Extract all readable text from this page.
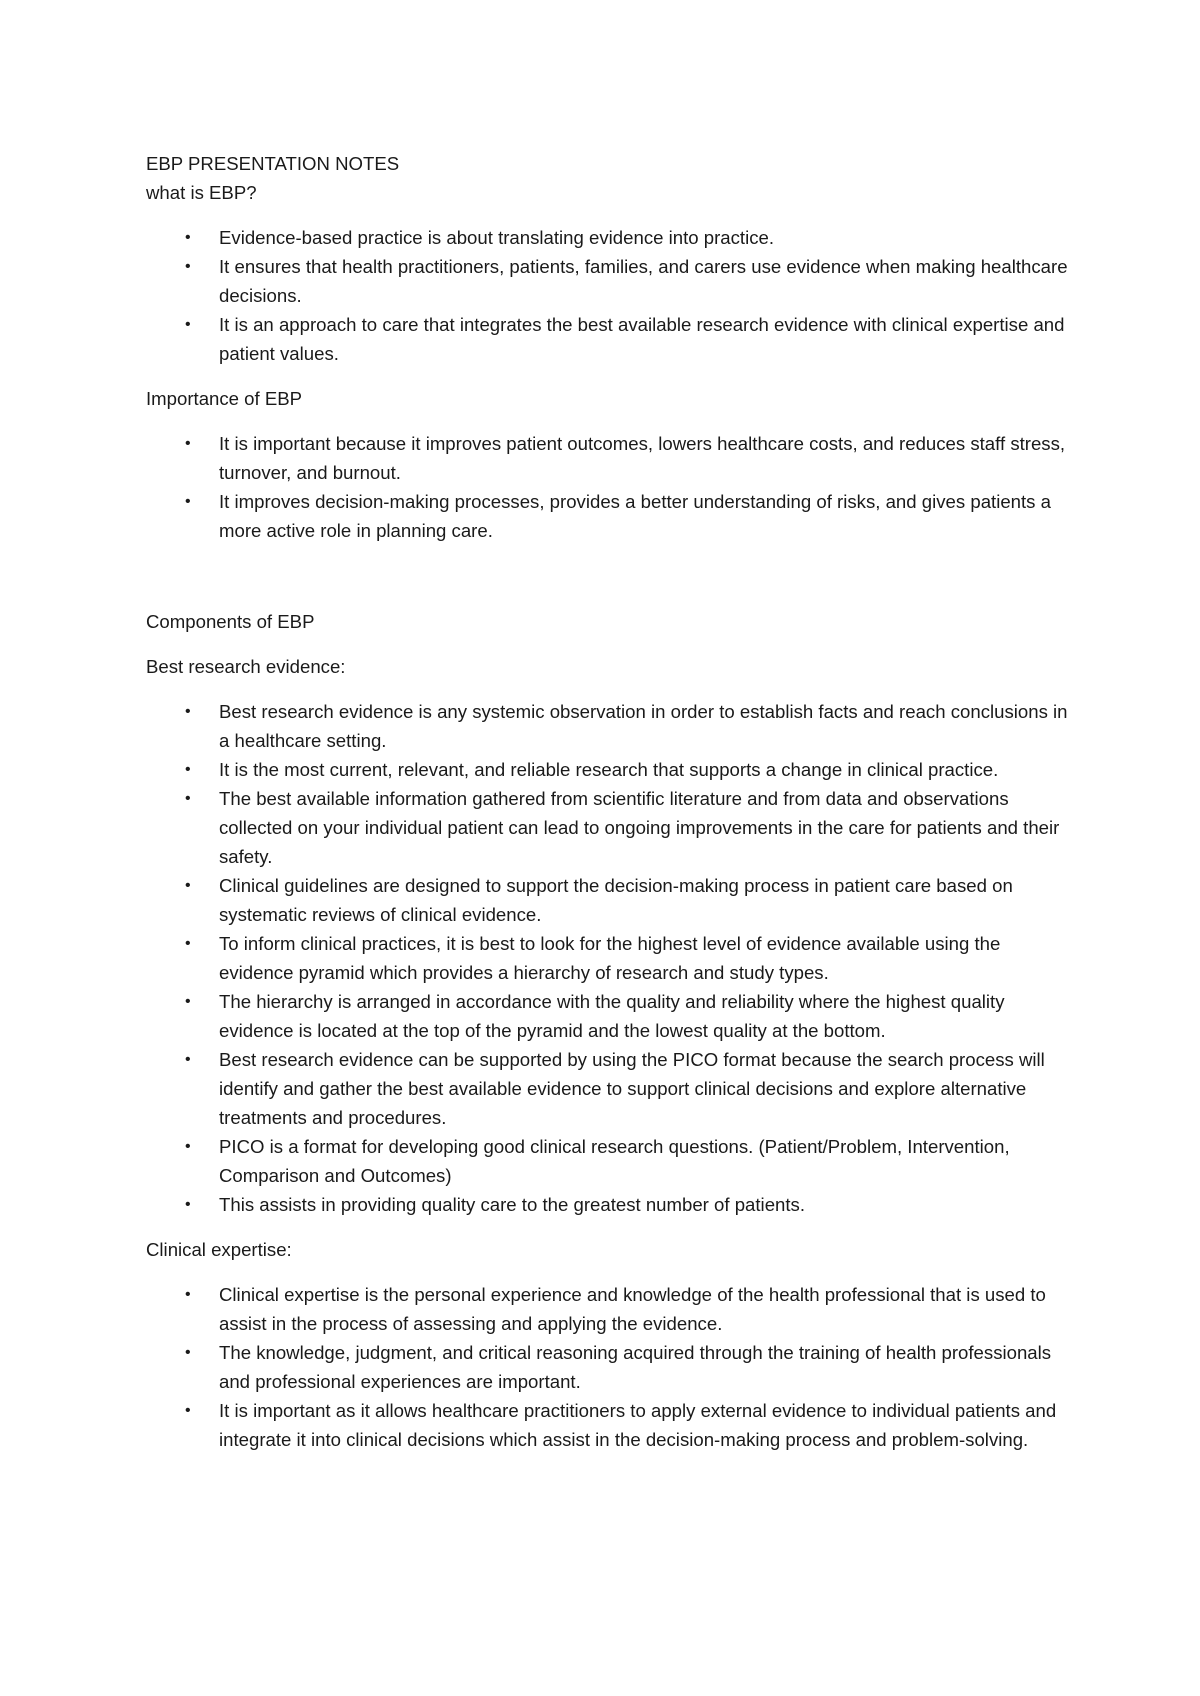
EBP PRESENTATION NOTES

what is EBP?

• Evidence-based practice is about translating evidence into practice.
• It ensures that health practitioners, patients, families, and carers use evidence when making healthcare decisions.
• It is an approach to care that integrates the best available research evidence with clinical expertise and patient values.

Importance of EBP

• It is important because it improves patient outcomes, lowers healthcare costs, and reduces staff stress, turnover, and burnout.
• It improves decision-making processes, provides a better understanding of risks, and gives patients a more active role in planning care.

Components of EBP

Best research evidence:

• Best research evidence is any systemic observation in order to establish facts and reach conclusions in a healthcare setting.
• It is the most current, relevant, and reliable research that supports a change in clinical practice.
• The best available information gathered from scientific literature and from data and observations collected on your individual patient can lead to ongoing improvements in the care for patients and their safety.
• Clinical guidelines are designed to support the decision-making process in patient care based on systematic reviews of clinical evidence.
• To inform clinical practices, it is best to look for the highest level of evidence available using the evidence pyramid which provides a hierarchy of research and study types.
• The hierarchy is arranged in accordance with the quality and reliability where the highest quality evidence is located at the top of the pyramid and the lowest quality at the bottom.
• Best research evidence can be supported by using the PICO format because the search process will identify and gather the best available evidence to support clinical decisions and explore alternative treatments and procedures.
• PICO is a format for developing good clinical research questions. (Patient/Problem, Intervention, Comparison and Outcomes)
• This assists in providing quality care to the greatest number of patients.

Clinical expertise:

• Clinical expertise is the personal experience and knowledge of the health professional that is used to assist in the process of assessing and applying the evidence.
• The knowledge, judgment, and critical reasoning acquired through the training of health professionals and professional experiences are important.
• It is important as it allows healthcare practitioners to apply external evidence to individual patients and integrate it into clinical decisions which assist in the decision-making process and problem-solving.
